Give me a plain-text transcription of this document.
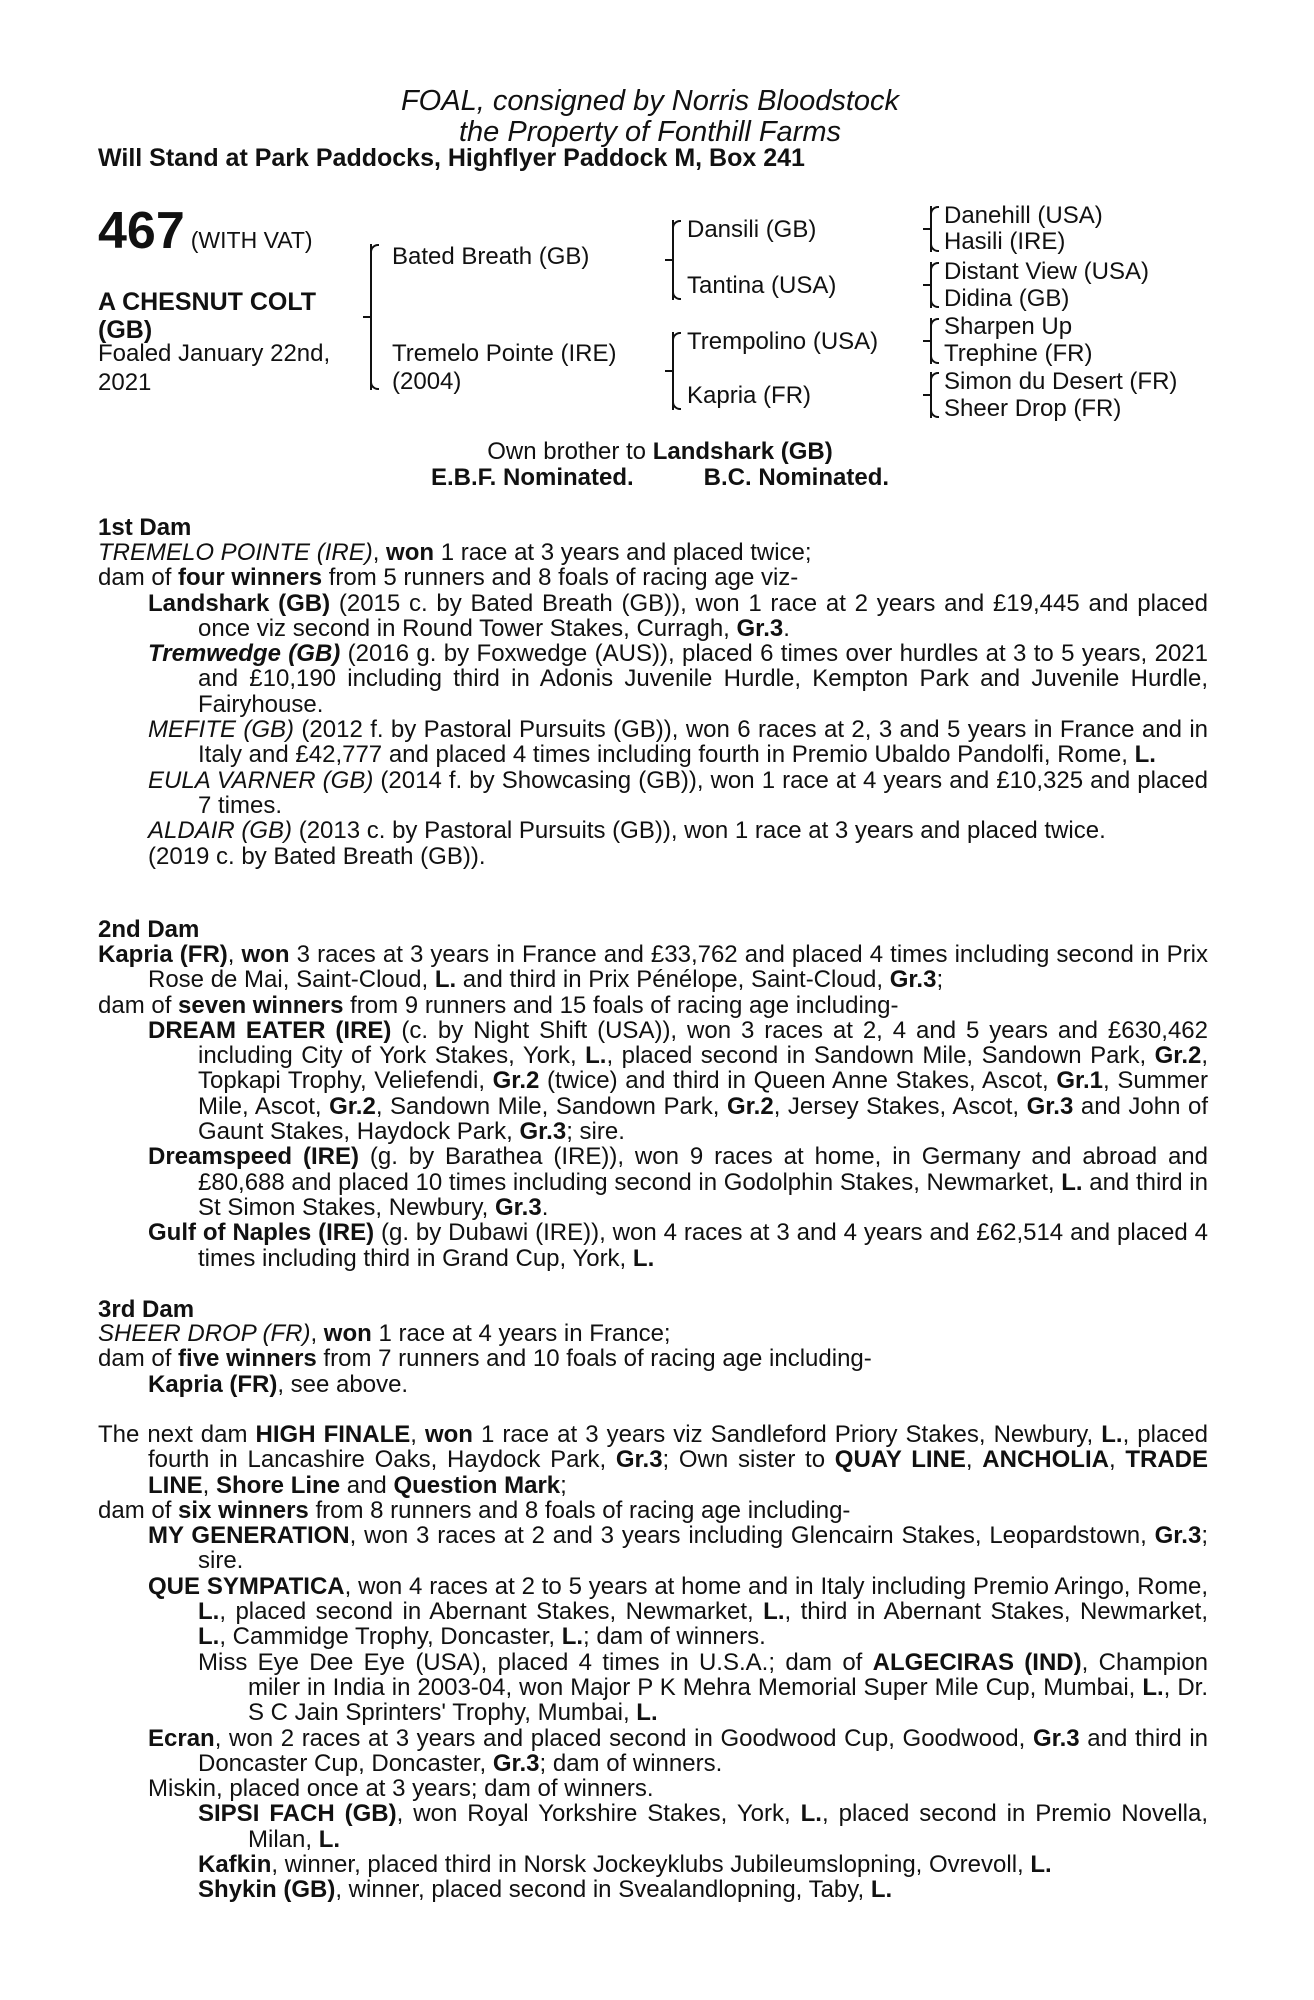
FOAL, consigned by Norris Bloodstock
the Property of Fonthill Farms
Will Stand at Park Paddocks, Highflyer Paddock M, Box 241
467 (WITH VAT)
A CHESNUT COLT (GB)
Foaled January 22nd, 2021
Bated Breath (GB)
Tremelo Pointe (IRE)
(2004)
Dansili (GB)
Tantina (USA)
Trempolino (USA)
Kapria (FR)
Danehill (USA)
Hasili (IRE)
Distant View (USA)
Didina (GB)
Sharpen Up
Trephine (FR)
Simon du Desert (FR)
Sheer Drop (FR)
Own brother to Landshark (GB)
E.B.F. Nominated.	B.C. Nominated.
1st Dam

TREMELO POINTE (IRE), won 1 race at 3 years and placed twice;

dam of four winners from 5 runners and 8 foals of racing age viz-

Landshark (GB) (2015 c. by Bated Breath (GB)), won 1 race at 2 years and £19,445 and placed once viz second in Round Tower Stakes, Curragh, Gr.3.

Tremwedge (GB) (2016 g. by Foxwedge (AUS)), placed 6 times over hurdles at 3 to 5 years, 2021 and £10,190 including third in Adonis Juvenile Hurdle, Kempton Park and Juvenile Hurdle, Fairyhouse.

MEFITE (GB) (2012 f. by Pastoral Pursuits (GB)), won 6 races at 2, 3 and 5 years in France and in Italy and £42,777 and placed 4 times including fourth in Premio Ubaldo Pandolfi, Rome, L.

EULA VARNER (GB) (2014 f. by Showcasing (GB)), won 1 race at 4 years and £10,325 and placed 7 times.

ALDAIR (GB) (2013 c. by Pastoral Pursuits (GB)), won 1 race at 3 years and placed twice.

(2019 c. by Bated Breath (GB)).

2nd Dam

Kapria (FR), won 3 races at 3 years in France and £33,762 and placed 4 times including second in Prix Rose de Mai, Saint-Cloud, L. and third in Prix Pénélope, Saint-Cloud, Gr.3;

dam of seven winners from 9 runners and 15 foals of racing age including-

DREAM EATER (IRE) (c. by Night Shift (USA)), won 3 races at 2, 4 and 5 years and £630,462 including City of York Stakes, York, L., placed second in Sandown Mile, Sandown Park, Gr.2, Topkapi Trophy, Veliefendi, Gr.2 (twice) and third in Queen Anne Stakes, Ascot, Gr.1, Summer Mile, Ascot, Gr.2, Sandown Mile, Sandown Park, Gr.2, Jersey Stakes, Ascot, Gr.3 and John of Gaunt Stakes, Haydock Park, Gr.3; sire.

Dreamspeed (IRE) (g. by Barathea (IRE)), won 9 races at home, in Germany and abroad and £80,688 and placed 10 times including second in Godolphin Stakes, Newmarket, L. and third in St Simon Stakes, Newbury, Gr.3.

Gulf of Naples (IRE) (g. by Dubawi (IRE)), won 4 races at 3 and 4 years and £62,514 and placed 4 times including third in Grand Cup, York, L.

3rd Dam

SHEER DROP (FR), won 1 race at 4 years in France;

dam of five winners from 7 runners and 10 foals of racing age including-

Kapria (FR), see above.

The next dam HIGH FINALE, won 1 race at 3 years viz Sandleford Priory Stakes, Newbury, L., placed fourth in Lancashire Oaks, Haydock Park, Gr.3; Own sister to QUAY LINE, ANCHOLIA, TRADE LINE, Shore Line and Question Mark;

dam of six winners from 8 runners and 8 foals of racing age including-

MY GENERATION, won 3 races at 2 and 3 years including Glencairn Stakes, Leopardstown, Gr.3; sire.

QUE SYMPATICA, won 4 races at 2 to 5 years at home and in Italy including Premio Aringo, Rome, L., placed second in Abernant Stakes, Newmarket, L., third in Abernant Stakes, Newmarket, L., Cammidge Trophy, Doncaster, L.; dam of winners.

Miss Eye Dee Eye (USA), placed 4 times in U.S.A.; dam of ALGECIRAS (IND), Champion miler in India in 2003-04, won Major P K Mehra Memorial Super Mile Cup, Mumbai, L., Dr. S C Jain Sprinters' Trophy, Mumbai, L.

Ecran, won 2 races at 3 years and placed second in Goodwood Cup, Goodwood, Gr.3 and third in Doncaster Cup, Doncaster, Gr.3; dam of winners.

Miskin, placed once at 3 years; dam of winners.

SIPSI FACH (GB), won Royal Yorkshire Stakes, York, L., placed second in Premio Novella, Milan, L.

Kafkin, winner, placed third in Norsk Jockeyklubs Jubileumslopning, Ovrevoll, L.

Shykin (GB), winner, placed second in Svealandlopning, Taby, L.
